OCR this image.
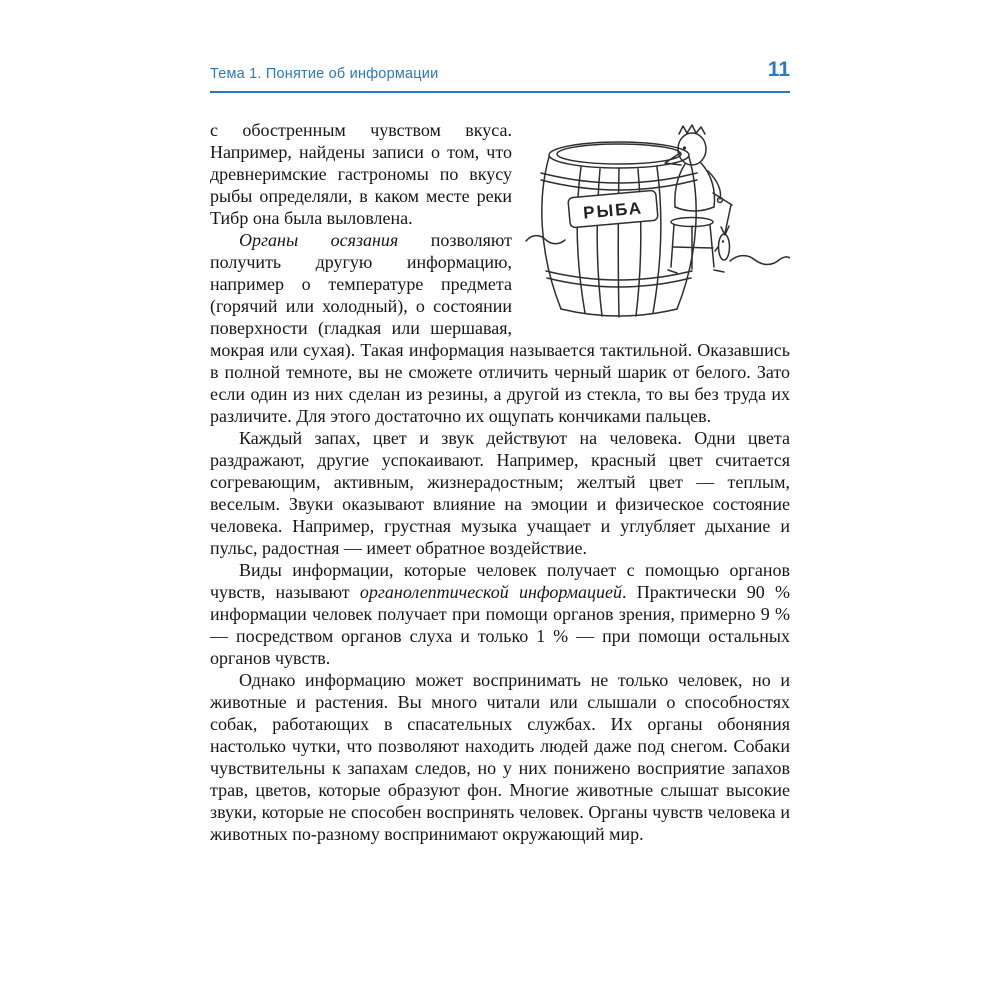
Тема 1. Понятие об информации	11
РЫБА

с обостренным чувством вкуса. Например, найдены записи о том, что древнеримские гастрономы по вкусу рыбы определяли, в каком месте реки Тибр она была выловлена.

Органы осязания позволяют получить другую информацию, например о температуре предмета (горячий или холодный), о состоянии поверхности (гладкая или шершавая, мокрая или сухая). Такая информация называется тактильной. Оказавшись в полной темноте, вы не сможете отличить черный шарик от белого. Зато если один из них сделан из резины, а другой из стекла, то вы без труда их различите. Для этого достаточно их ощупать кончиками пальцев.

Каждый запах, цвет и звук действуют на человека. Одни цвета раздражают, другие успокаивают. Например, красный цвет считается согревающим, активным, жизнерадостным; желтый цвет — теплым, веселым. Звуки оказывают влияние на эмоции и физическое состояние человека. Например, грустная музыка учащает и углубляет дыхание и пульс, радостная — имеет обратное воздействие.

Виды информации, которые человек получает с помощью органов чувств, называют органолептической информацией. Практически 90 % информации человек получает при помощи органов зрения, примерно 9 % — посредством органов слуха и только 1 % — при помощи остальных органов чувств.

Однако информацию может воспринимать не только человек, но и животные и растения. Вы много читали или слышали о способностях собак, работающих в спасательных службах. Их органы обоняния настолько чутки, что позволяют находить людей даже под снегом. Собаки чувствительны к запахам следов, но у них понижено восприятие запахов трав, цветов, которые образуют фон. Многие животные слышат высокие звуки, которые не способен воспринять человек. Органы чувств человека и животных по-разному воспринимают окружающий мир.
